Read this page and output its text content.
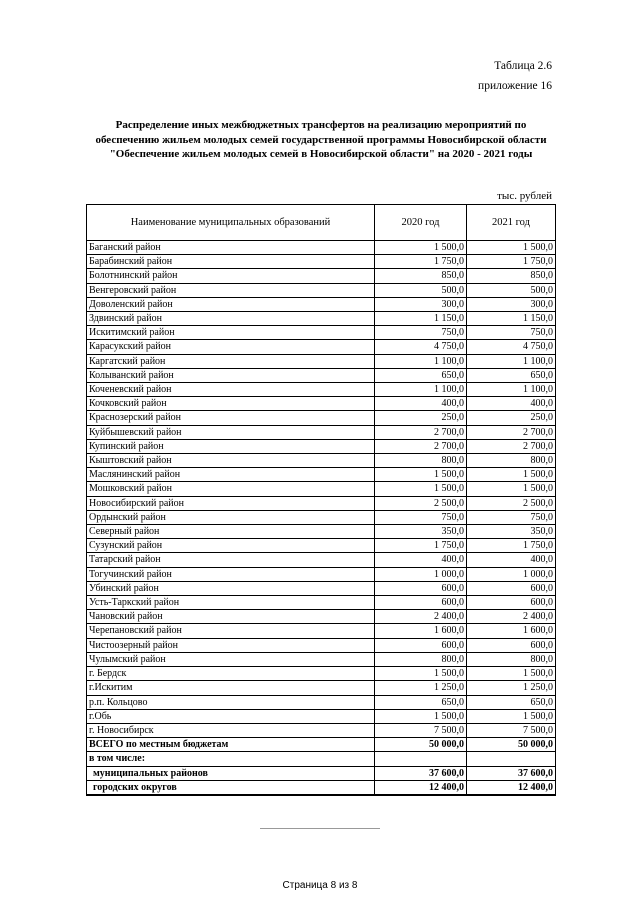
Таблица 2.6
приложение 16
Распределение иных межбюджетных трансфертов на реализацию мероприятий по обеспечению жильем молодых семей государственной программы Новосибирской области "Обеспечение жильем молодых семей в Новосибирской области" на 2020 - 2021 годы
тыс. рублей
Наименование муниципальных образований	2020 год	2021 год
Баганский район	1 500,0	1 500,0
Барабинский район	1 750,0	1 750,0
Болотнинский район	850,0	850,0
Венгеровский район	500,0	500,0
Доволенский район	300,0	300,0
Здвинский район	1 150,0	1 150,0
Искитимский район	750,0	750,0
Карасукский район	4 750,0	4 750,0
Каргатский район	1 100,0	1 100,0
Колыванский район	650,0	650,0
Коченевский район	1 100,0	1 100,0
Кочковский район	400,0	400,0
Краснозерский район	250,0	250,0
Куйбышевский район	2 700,0	2 700,0
Купинский район	2 700,0	2 700,0
Кыштовский район	800,0	800,0
Маслянинский район	1 500,0	1 500,0
Мошковский район	1 500,0	1 500,0
Новосибирский район	2 500,0	2 500,0
Ордынский район	750,0	750,0
Северный район	350,0	350,0
Сузунский район	1 750,0	1 750,0
Татарский район	400,0	400,0
Тогучинский район	1 000,0	1 000,0
Убинский район	600,0	600,0
Усть-Таркский район	600,0	600,0
Чановский район	2 400,0	2 400,0
Черепановский район	1 600,0	1 600,0
Чистоозерный район	600,0	600,0
Чулымский район	800,0	800,0
г. Бердск	1 500,0	1 500,0
г.Искитим	1 250,0	1 250,0
р.п. Кольцово	650,0	650,0
г.Обь	1 500,0	1 500,0
г. Новосибирск	7 500,0	7 500,0
ВСЕГО по местным бюджетам	50 000,0	50 000,0
в том числе:		
муниципальных районов	37 600,0	37 600,0
городских округов	12 400,0	12 400,0
Страница 8 из 8
